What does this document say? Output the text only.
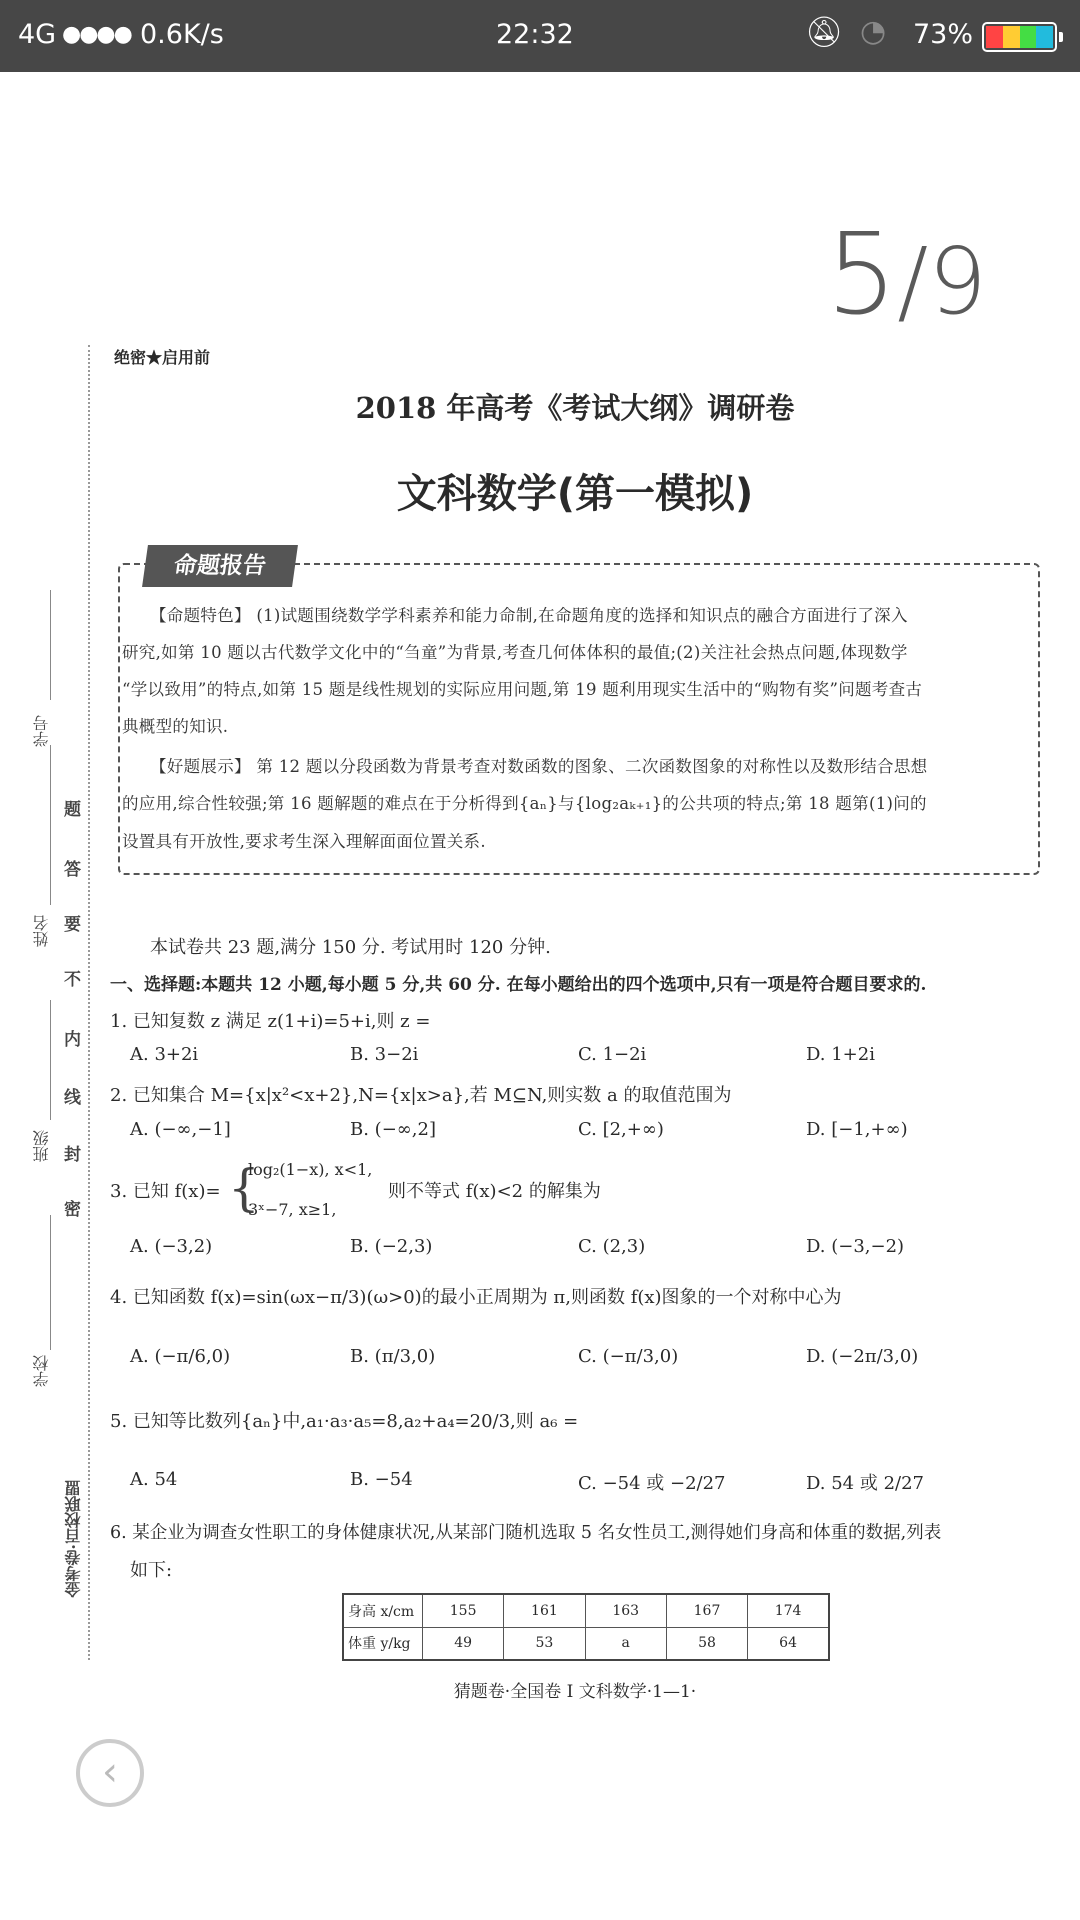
4G ●●●● 0.6K/s	22:32	🔕︎ ◔ 73%
5/9
学号
姓名
班级
学校
题
答
要
不
内
线
封
密
金考卷·百校联盟
绝密★启用前
2018 年高考《考试大纲》调研卷
文科数学(第一模拟)
命题报告
【命题特色】 (1)试题围绕数学学科素养和能力命制,在命题角度的选择和知识点的融合方面进行了深入
研究,如第 10 题以古代数学文化中的“刍童”为背景,考查几何体体积的最值;(2)关注社会热点问题,体现数学
“学以致用”的特点,如第 15 题是线性规划的实际应用问题,第 19 题利用现实生活中的“购物有奖”问题考查古
典概型的知识.
【好题展示】 第 12 题以分段函数为背景考查对数函数的图象、二次函数图象的对称性以及数形结合思想
的应用,综合性较强;第 16 题解题的难点在于分析得到{aₙ}与{log₂aₖ₊₁}的公共项的特点;第 18 题第(1)问的
设置具有开放性,要求考生深入理解面面位置关系.
本试卷共 23 题,满分 150 分. 考试用时 120 分钟.
一、选择题:本题共 12 小题,每小题 5 分,共 60 分. 在每小题给出的四个选项中,只有一项是符合题目要求的.
1. 已知复数 z 满足 z(1+i)=5+i,则 z =
A. 3+2i	B. 3−2i	C. 1−2i	D. 1+2i
2. 已知集合 M={x|x²<x+2},N={x|x>a},若 M⊆N,则实数 a 的取值范围为
A. (−∞,−1]	B. (−∞,2]	C. [2,+∞)	D. [−1,+∞)
3. 已知 f(x)= {
log₂(1−x), x<1,
3ˣ−7, x≥1,
则不等式 f(x)<2 的解集为
A. (−3,2)	B. (−2,3)	C. (2,3)	D. (−3,−2)
4. 已知函数 f(x)=sin(ωx−π/3)(ω>0)的最小正周期为 π,则函数 f(x)图象的一个对称中心为
A. (−π/6,0)	B. (π/3,0)	C. (−π/3,0)	D. (−2π/3,0)
5. 已知等比数列{aₙ}中,a₁·a₃·a₅=8,a₂+a₄=20/3,则 a₆ =
A. 54	B. −54	C. −54 或 −2/27	D. 54 或 2/27
6. 某企业为调查女性职工的身体健康状况,从某部门随机选取 5 名女性员工,测得她们身高和体重的数据,列表
如下:
身高 x/cm	155	161	163	167	174
体重 y/kg	49	53	a	58	64
猜题卷·全国卷 I 文科数学·1—1·
‹
